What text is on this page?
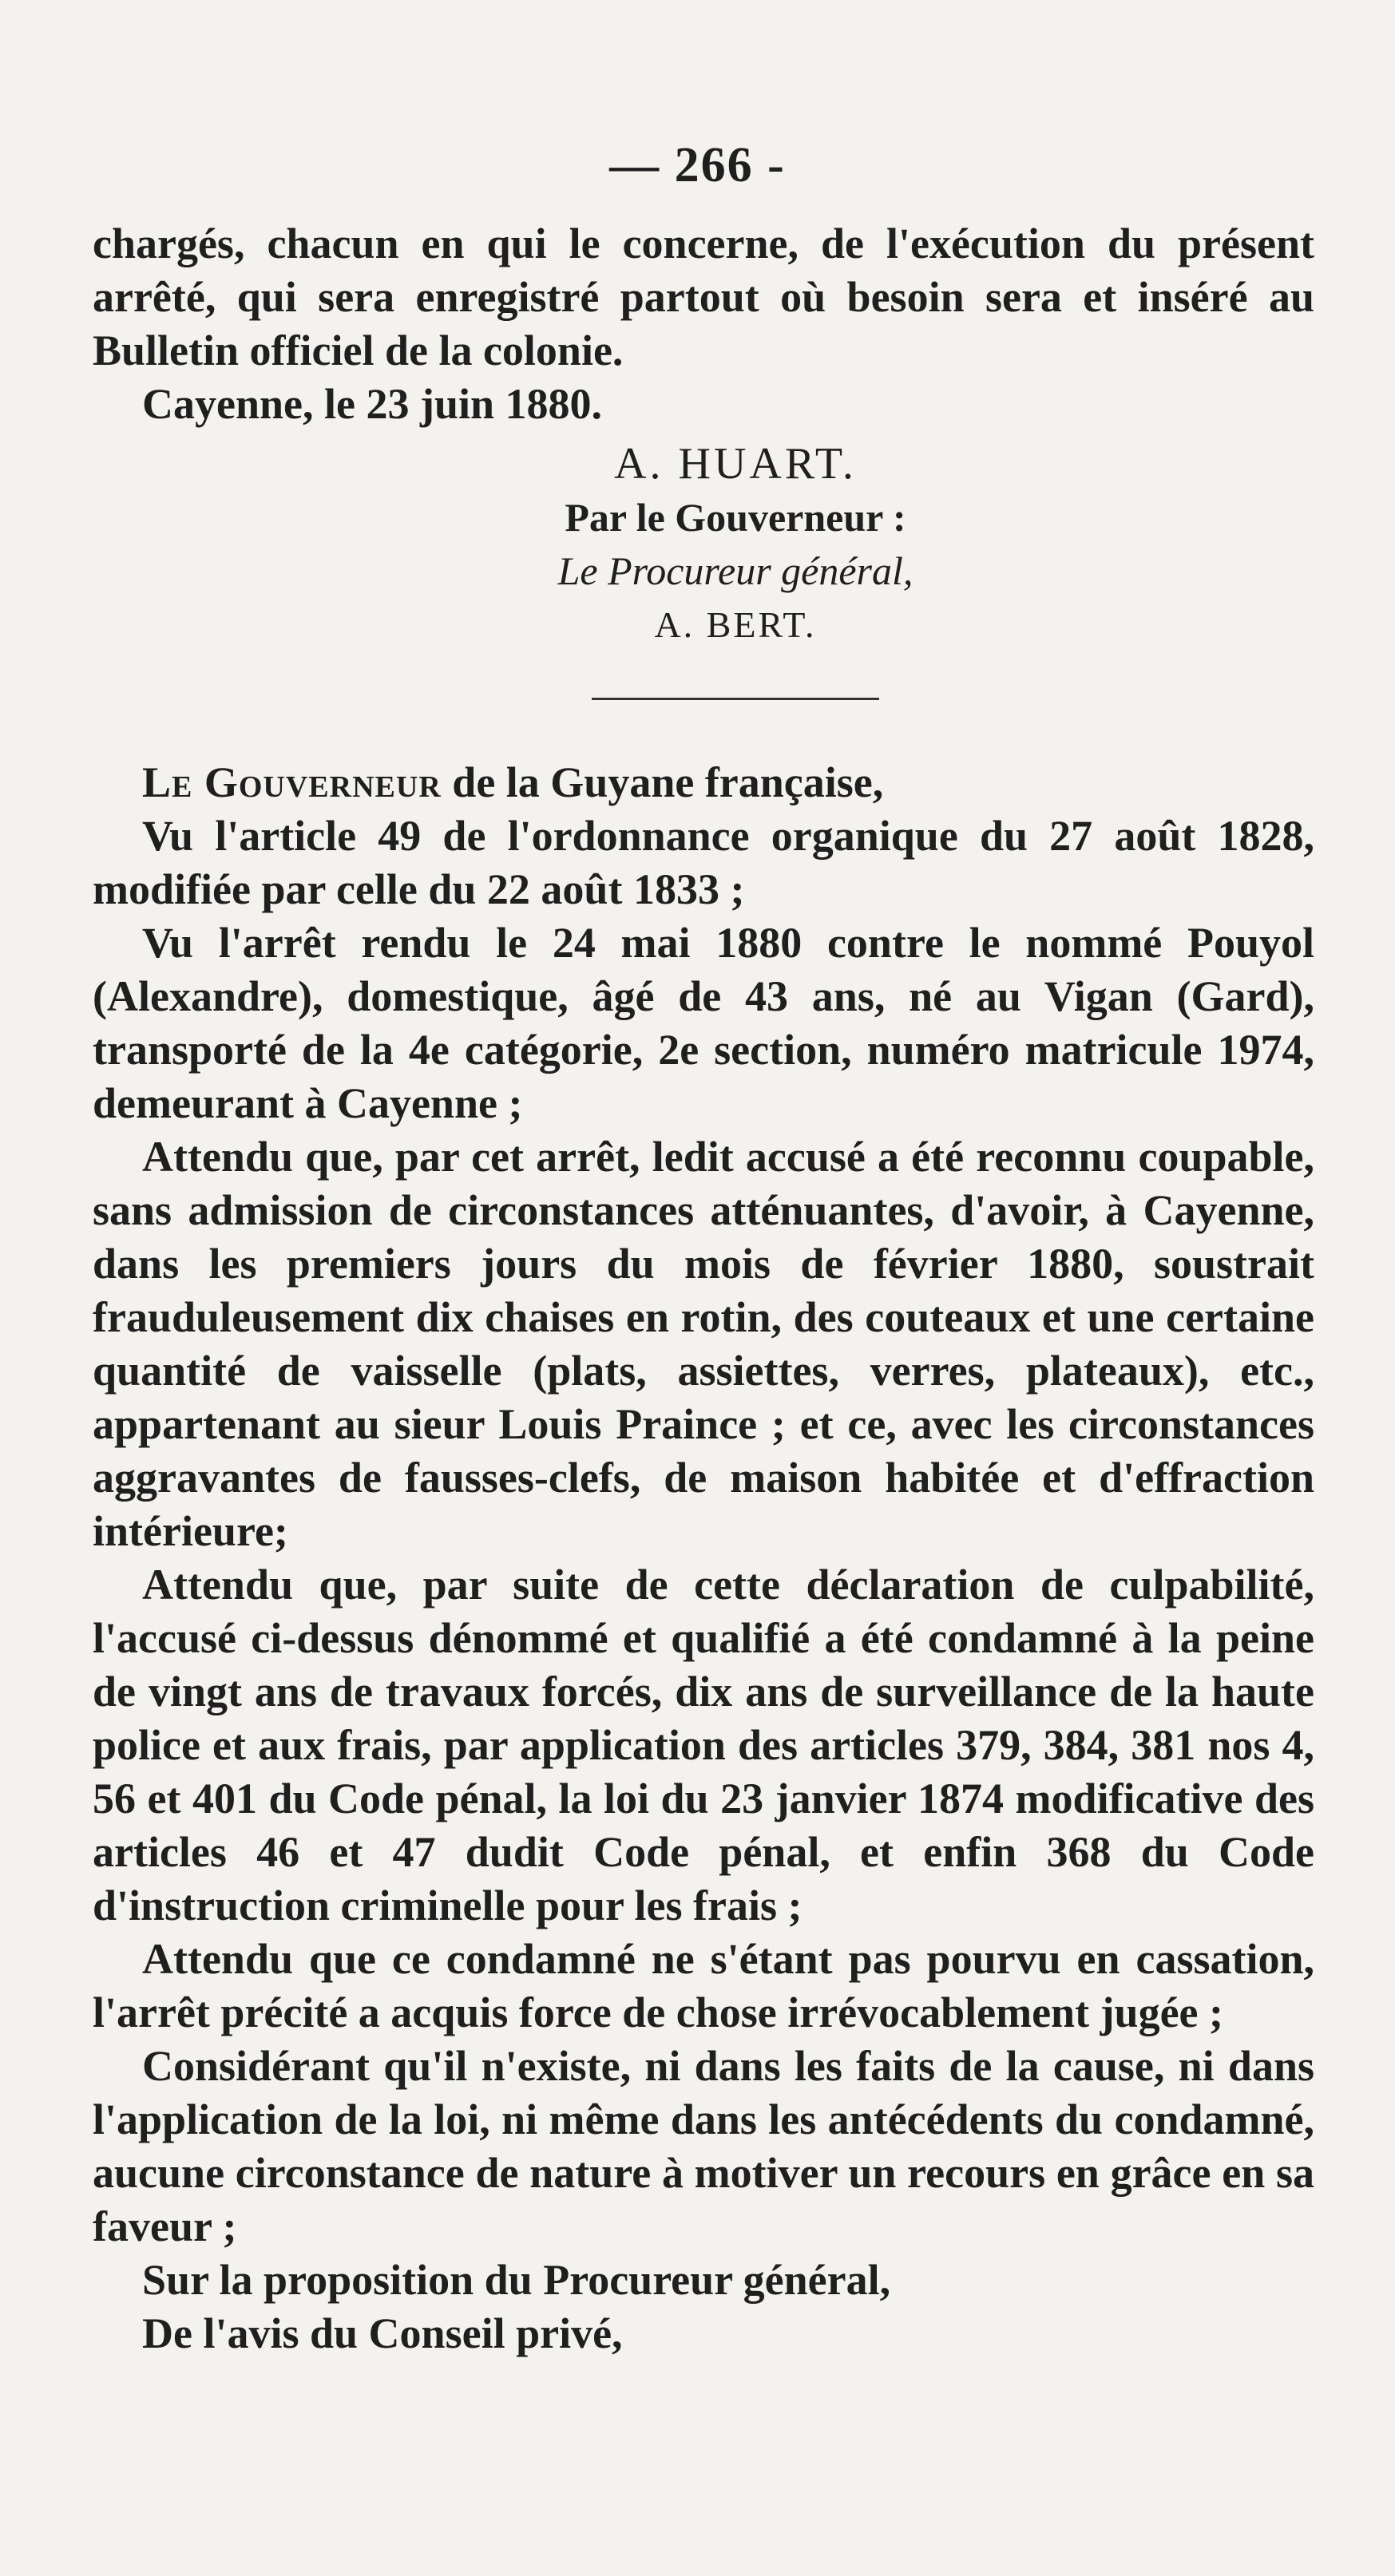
— 266 -

chargés, chacun en qui le concerne, de l'exécution du présent arrêté, qui sera enregistré partout où besoin sera et inséré au Bulletin officiel de la colonie.

Cayenne, le 23 juin 1880.

A. HUART.
Par le Gouverneur :
Le Procureur général,
A. BERT.

Le Gouverneur de la Guyane française,

Vu l'article 49 de l'ordonnance organique du 27 août 1828, modifiée par celle du 22 août 1833 ;

Vu l'arrêt rendu le 24 mai 1880 contre le nommé Pouyol (Alexandre), domestique, âgé de 43 ans, né au Vigan (Gard), transporté de la 4e catégorie, 2e section, numéro matricule 1974, demeurant à Cayenne ;

Attendu que, par cet arrêt, ledit accusé a été reconnu coupable, sans admission de circonstances atténuantes, d'avoir, à Cayenne, dans les premiers jours du mois de février 1880, soustrait frauduleusement dix chaises en rotin, des couteaux et une certaine quantité de vaisselle (plats, assiettes, verres, plateaux), etc., appartenant au sieur Louis Praince ; et ce, avec les circonstances aggravantes de fausses-clefs, de maison habitée et d'effraction intérieure;

Attendu que, par suite de cette déclaration de culpabilité, l'accusé ci-dessus dénommé et qualifié a été condamné à la peine de vingt ans de travaux forcés, dix ans de surveillance de la haute police et aux frais, par application des articles 379, 384, 381 nos 4, 56 et 401 du Code pénal, la loi du 23 janvier 1874 modificative des articles 46 et 47 dudit Code pénal, et enfin 368 du Code d'instruction criminelle pour les frais ;

Attendu que ce condamné ne s'étant pas pourvu en cassation, l'arrêt précité a acquis force de chose irrévocablement jugée ;

Considérant qu'il n'existe, ni dans les faits de la cause, ni dans l'application de la loi, ni même dans les antécédents du condamné, aucune circonstance de nature à motiver un recours en grâce en sa faveur ;

Sur la proposition du Procureur général,

De l'avis du Conseil privé,
